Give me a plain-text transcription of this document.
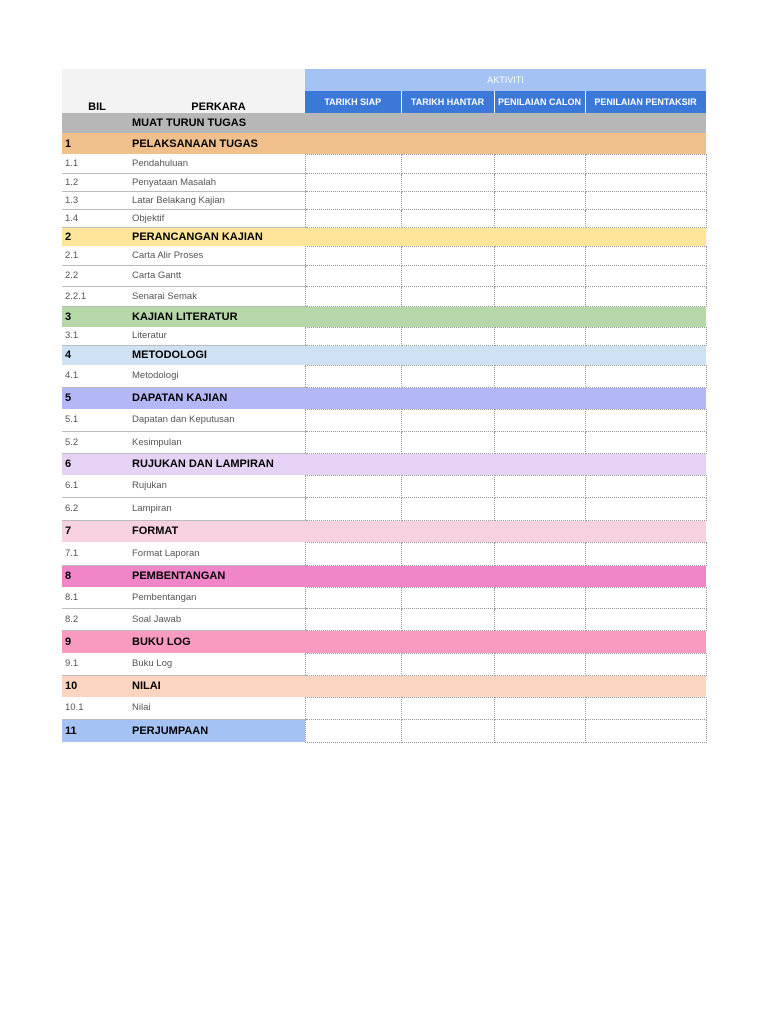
		AKTIVITI			
BIL	PERKARA	TARIKH SIAP	TARIKH HANTAR	PENILAIAN CALON	PENILAIAN PENTAKSIR
	MUAT TURUN TUGAS				
1	PELAKSANAAN TUGAS				
1.1	Pendahuluan				
1.2	Penyataan Masalah				
1.3	Latar Belakang Kajian				
1.4	Objektif				
2	PERANCANGAN KAJIAN				
2.1	Carta Alir Proses				
2.2	Carta Gantt				
2.2.1	Senarai Semak				
3	KAJIAN LITERATUR				
3.1	Literatur				
4	METODOLOGI				
4.1	Metodologi				
5	DAPATAN KAJIAN				
5.1	Dapatan dan Keputusan				
5.2	Kesimpulan				
6	RUJUKAN DAN LAMPIRAN				
6.1	Rujukan				
6.2	Lampiran				
7	FORMAT				
7.1	Format Laporan				
8	PEMBENTANGAN				
8.1	Pembentangan				
8.2	Soal Jawab				
9	BUKU LOG				
9.1	Buku Log				
10	NILAI				
10.1	Nilai				
11	PERJUMPAAN				
